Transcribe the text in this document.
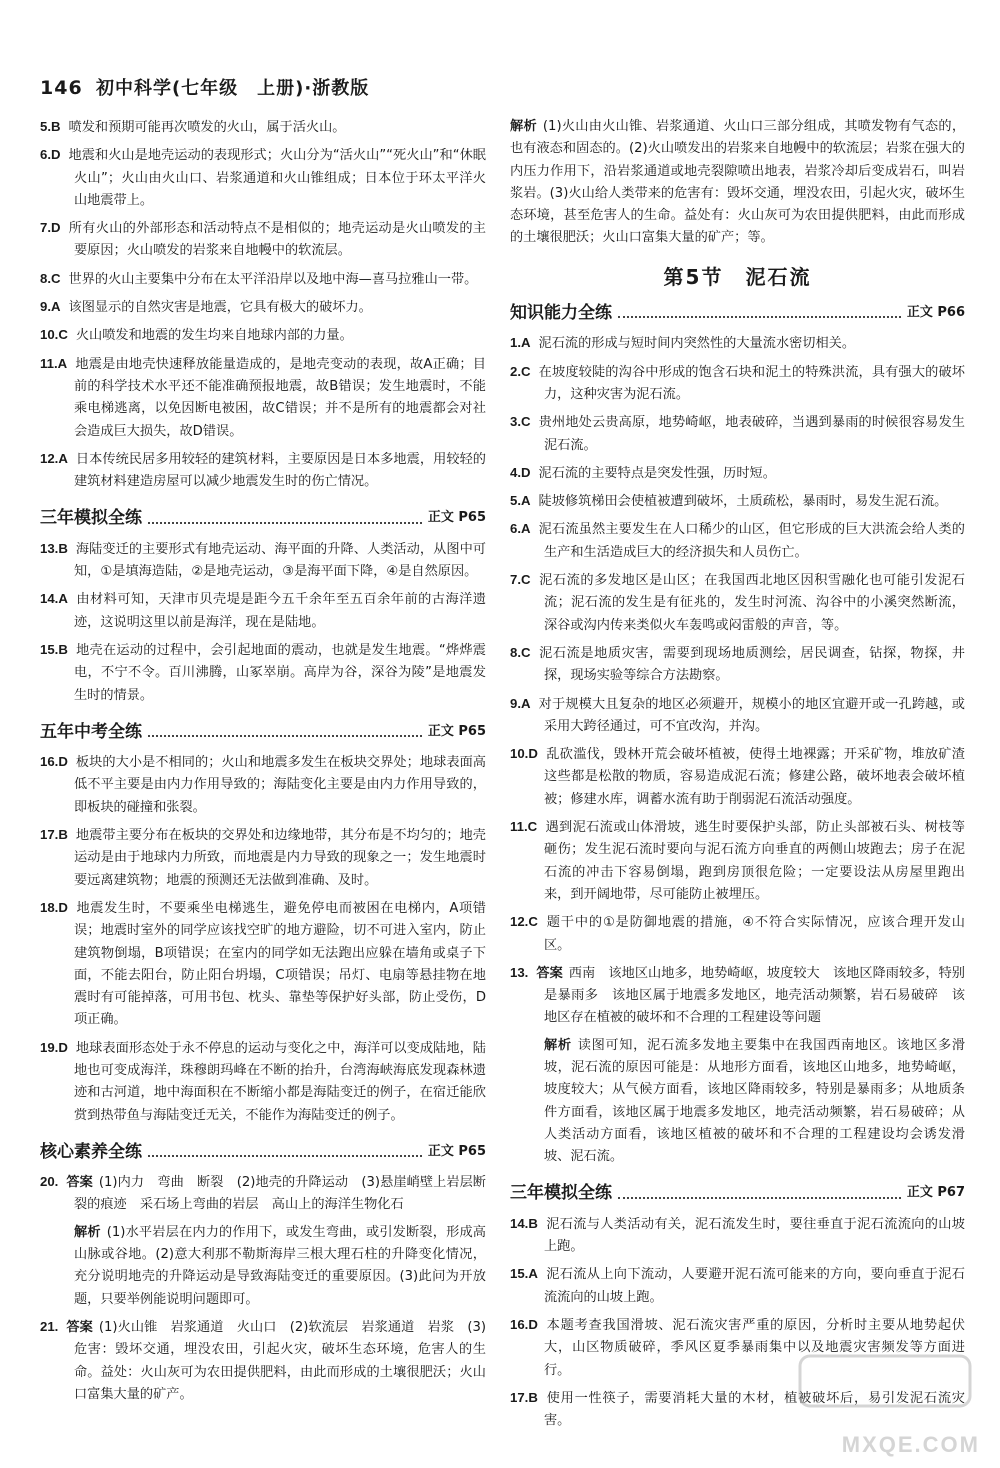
146 初中科学(七年级　上册)·浙教版
5.B 喷发和预期可能再次喷发的火山，属于活火山。
6.D 地震和火山是地壳运动的表现形式；火山分为“活火山”“死火山”和“休眠火山”；火山由火山口、岩浆通道和火山锥组成；日本位于环太平洋火山地震带上。
7.D 所有火山的外部形态和活动特点不是相似的；地壳运动是火山喷发的主要原因；火山喷发的岩浆来自地幔中的软流层。
8.C 世界的火山主要集中分布在太平洋沿岸以及地中海—喜马拉雅山一带。
9.A 该图显示的自然灾害是地震，它具有极大的破坏力。
10.C 火山喷发和地震的发生均来自地球内部的力量。
11.A 地震是由地壳快速释放能量造成的，是地壳变动的表现，故A正确；目前的科学技术水平还不能准确预报地震，故B错误；发生地震时，不能乘电梯逃离，以免因断电被困，故C错误；并不是所有的地震都会对社会造成巨大损失，故D错误。
12.A 日本传统民居多用较轻的建筑材料，主要原因是日本多地震，用较轻的建筑材料建造房屋可以减少地震发生时的伤亡情况。
三年模拟全练	正文 P65
13.B 海陆变迁的主要形式有地壳运动、海平面的升降、人类活动，从图中可知，①是填海造陆，②是地壳运动，③是海平面下降，④是自然原因。
14.A 由材料可知，天津市贝壳堤是距今五千余年至五百余年前的古海洋遗迹，这说明这里以前是海洋，现在是陆地。
15.B 地壳在运动的过程中，会引起地面的震动，也就是发生地震。“烨烨震电，不宁不令。百川沸腾，山冢崒崩。高岸为谷，深谷为陵”是地震发生时的情景。
五年中考全练	正文 P65
16.D 板块的大小是不相同的；火山和地震多发生在板块交界处；地球表面高低不平主要是由内力作用导致的；海陆变化主要是由内力作用导致的，即板块的碰撞和张裂。
17.B 地震带主要分布在板块的交界处和边缘地带，其分布是不均匀的；地壳运动是由于地球内力所致，而地震是内力导致的现象之一；发生地震时要远离建筑物；地震的预测还无法做到准确、及时。
18.D 地震发生时，不要乘坐电梯逃生，避免停电而被困在电梯内，A项错误；地震时室外的同学应该找空旷的地方避险，切不可进入室内，防止建筑物倒塌，B项错误；在室内的同学如无法跑出应躲在墙角或桌子下面，不能去阳台，防止阳台坍塌，C项错误；吊灯、电扇等悬挂物在地震时有可能掉落，可用书包、枕头、靠垫等保护好头部，防止受伤，D项正确。
19.D 地球表面形态处于永不停息的运动与变化之中，海洋可以变成陆地，陆地也可变成海洋，珠穆朗玛峰在不断的抬升，台湾海峡海底发现森林遗迹和古河道，地中海面积在不断缩小都是海陆变迁的例子，在宿迁能欣赏到热带鱼与海陆变迁无关，不能作为海陆变迁的例子。
核心素养全练	正文 P65
20. 答案 (1)内力　弯曲　断裂　(2)地壳的升降运动　(3)悬崖峭壁上岩层断裂的痕迹　采石场上弯曲的岩层　高山上的海洋生物化石
解析 (1)水平岩层在内力的作用下，或发生弯曲，或引发断裂，形成高山脉或谷地。(2)意大利那不勒斯海岸三根大理石柱的升降变化情况，充分说明地壳的升降运动是导致海陆变迁的重要原因。(3)此问为开放题，只要举例能说明问题即可。
21. 答案 (1)火山锥　岩浆通道　火山口　(2)软流层　岩浆通道　岩浆　(3)危害：毁坏交通，埋没农田，引起火灾，破坏生态环境，危害人的生命。益处：火山灰可为农田提供肥料，由此而形成的土壤很肥沃；火山口富集大量的矿产。
解析 (1)火山由火山锥、岩浆通道、火山口三部分组成，其喷发物有气态的，也有液态和固态的。(2)火山喷发出的岩浆来自地幔中的软流层；岩浆在强大的内压力作用下，沿岩浆通道或地壳裂隙喷出地表，岩浆冷却后变成岩石，叫岩浆岩。(3)火山给人类带来的危害有：毁坏交通，埋没农田，引起火灾，破坏生态环境，甚至危害人的生命。益处有：火山灰可为农田提供肥料，由此而形成的土壤很肥沃；火山口富集大量的矿产；等。
第5节　泥石流
知识能力全练	正文 P66
1.A 泥石流的形成与短时间内突然性的大量流水密切相关。
2.C 在坡度较陡的沟谷中形成的饱含石块和泥土的特殊洪流，具有强大的破坏力，这种灾害为泥石流。
3.C 贵州地处云贵高原，地势崎岖，地表破碎，当遇到暴雨的时候很容易发生泥石流。
4.D 泥石流的主要特点是突发性强，历时短。
5.A 陡坡修筑梯田会使植被遭到破坏，土质疏松，暴雨时，易发生泥石流。
6.A 泥石流虽然主要发生在人口稀少的山区，但它形成的巨大洪流会给人类的生产和生活造成巨大的经济损失和人员伤亡。
7.C 泥石流的多发地区是山区；在我国西北地区因积雪融化也可能引发泥石流；泥石流的发生是有征兆的，发生时河流、沟谷中的小溪突然断流，深谷或沟内传来类似火车轰鸣或闷雷般的声音，等。
8.C 泥石流是地质灾害，需要到现场地质测绘，居民调查，钻探，物探，井探，现场实验等综合方法勘察。
9.A 对于规模大且复杂的地区必须避开，规模小的地区宜避开或一孔跨越，或采用大跨径通过，可不宜改沟，并沟。
10.D 乱砍滥伐，毁林开荒会破坏植被，使得土地裸露；开采矿物，堆放矿渣这些都是松散的物质，容易造成泥石流；修建公路，破坏地表会破坏植被；修建水库，调蓄水流有助于削弱泥石流活动强度。
11.C 遇到泥石流或山体滑坡，逃生时要保护头部，防止头部被石头、树枝等砸伤；发生泥石流时要向与泥石流方向垂直的两侧山坡跑去；房子在泥石流的冲击下容易倒塌，跑到房顶很危险；一定要设法从房屋里跑出来，到开阔地带，尽可能防止被埋压。
12.C 题干中的①是防御地震的措施，④不符合实际情况，应该合理开发山区。
13. 答案 西南　该地区山地多，地势崎岖，坡度较大　该地区降雨较多，特别是暴雨多　该地区属于地震多发地区，地壳活动频繁，岩石易破碎　该地区存在植被的破坏和不合理的工程建设等问题
解析 读图可知，泥石流多发地主要集中在我国西南地区。该地区多滑坡，泥石流的原因可能是：从地形方面看，该地区山地多，地势崎岖，坡度较大；从气候方面看，该地区降雨较多，特别是暴雨多；从地质条件方面看，该地区属于地震多发地区，地壳活动频繁，岩石易破碎；从人类活动方面看，该地区植被的破坏和不合理的工程建设均会诱发滑坡、泥石流。
三年模拟全练	正文 P67
14.B 泥石流与人类活动有关，泥石流发生时，要往垂直于泥石流流向的山坡上跑。
15.A 泥石流从上向下流动，人要避开泥石流可能来的方向，要向垂直于泥石流流向的山坡上跑。
16.D 本题考查我国滑坡、泥石流灾害严重的原因，分析时主要从地势起伏大，山区物质破碎，季风区夏季暴雨集中以及地震灾害频发等方面进行。
17.B 使用一性筷子，需要消耗大量的木材，植被破坏后，易引发泥石流灾害。
MXQE.COM
